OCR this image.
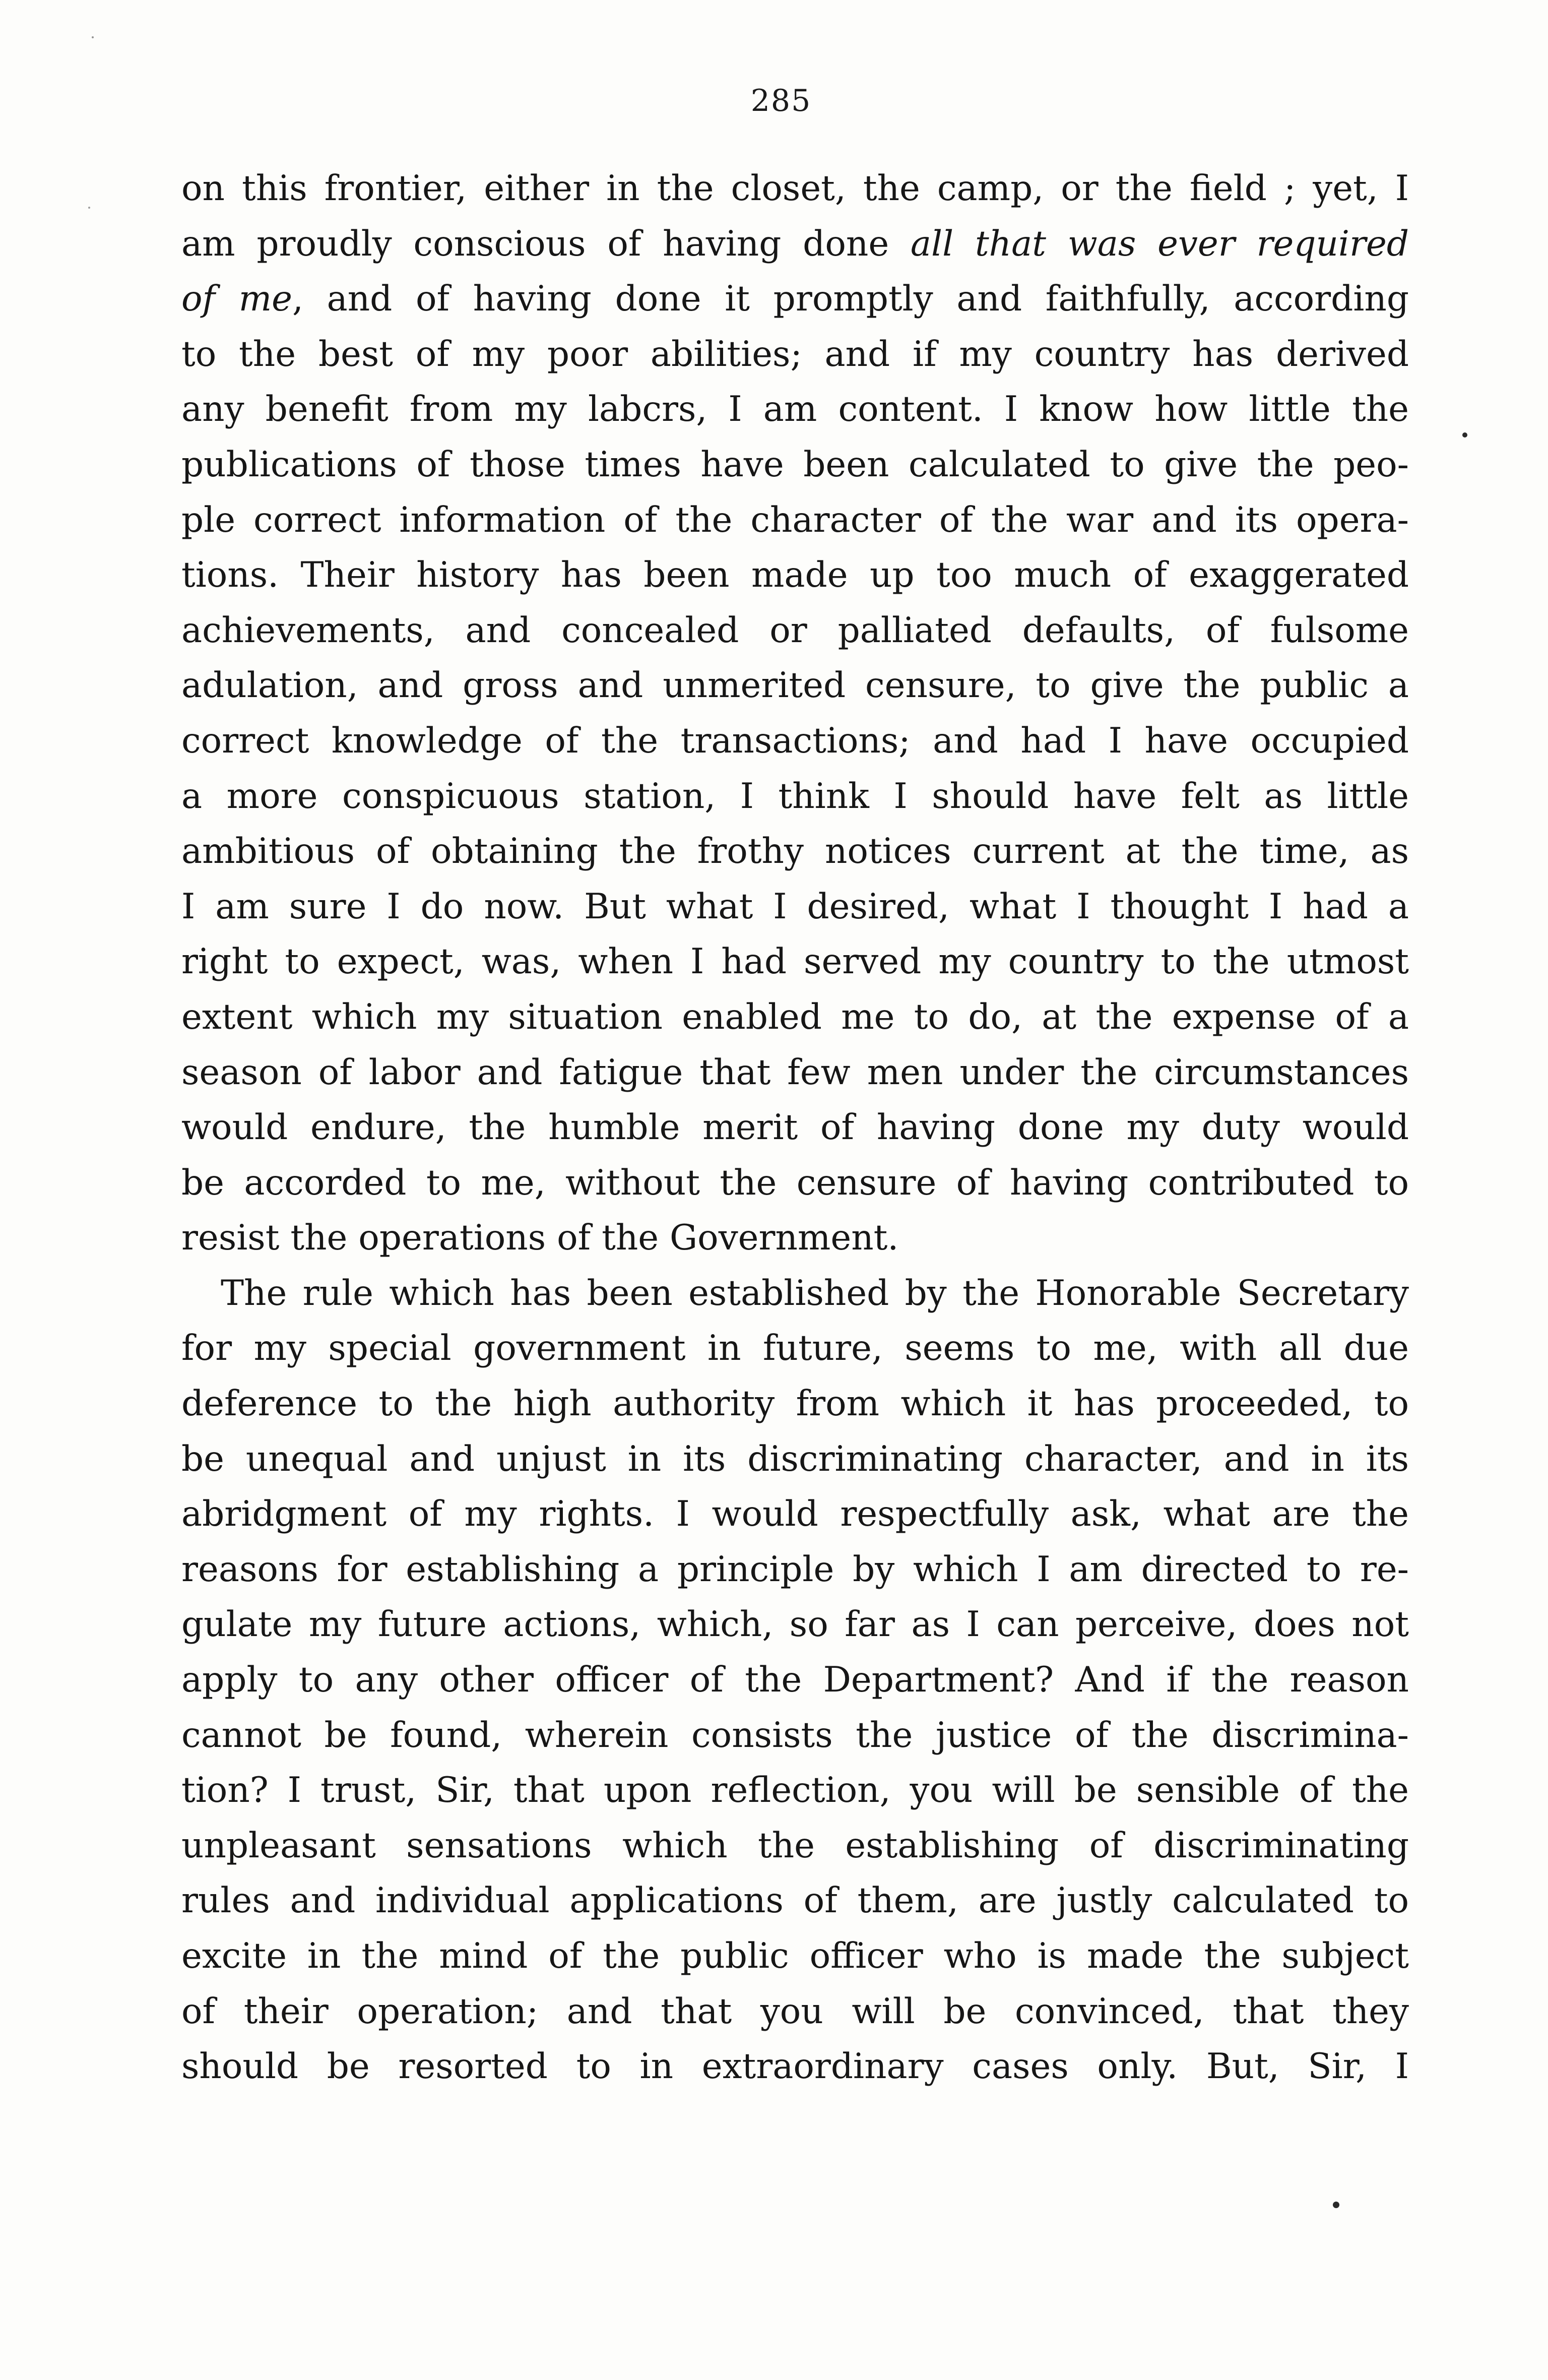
285
on this frontier, either in the closet, the camp, or the field ; yet, I
am proudly conscious of having done all that was ever required
of me, and of having done it promptly and faithfully, according
to the best of my poor abilities; and if my country has derived
any benefit from my labcrs, I am content. I know how little the
publications of those times have been calculated to give the peo-
ple correct information of the character of the war and its opera-
tions. Their history has been made up too much of exaggerated
achievements, and concealed or palliated defaults, of fulsome
adulation, and gross and unmerited censure, to give the public a
correct knowledge of the transactions; and had I have occupied
a more conspicuous station, I think I should have felt as little
ambitious of obtaining the frothy notices current at the time, as
I am sure I do now. But what I desired, what I thought I had a
right to expect, was, when I had served my country to the utmost
extent which my situation enabled me to do, at the expense of a
season of labor and fatigue that few men under the circumstances
would endure, the humble merit of having done my duty would
be accorded to me, without the censure of having contributed to
resist the operations of the Government.
The rule which has been established by the Honorable Secretary
for my special government in future, seems to me, with all due
deference to the high authority from which it has proceeded, to
be unequal and unjust in its discriminating character, and in its
abridgment of my rights. I would respectfully ask, what are the
reasons for establishing a principle by which I am directed to re-
gulate my future actions, which, so far as I can perceive, does not
apply to any other officer of the Department? And if the reason
cannot be found, wherein consists the justice of the discrimina-
tion? I trust, Sir, that upon reflection, you will be sensible of the
unpleasant sensations which the establishing of discriminating
rules and individual applications of them, are justly calculated to
excite in the mind of the public officer who is made the subject
of their operation; and that you will be convinced, that they
should be resorted to in extraordinary cases only. But, Sir, I
